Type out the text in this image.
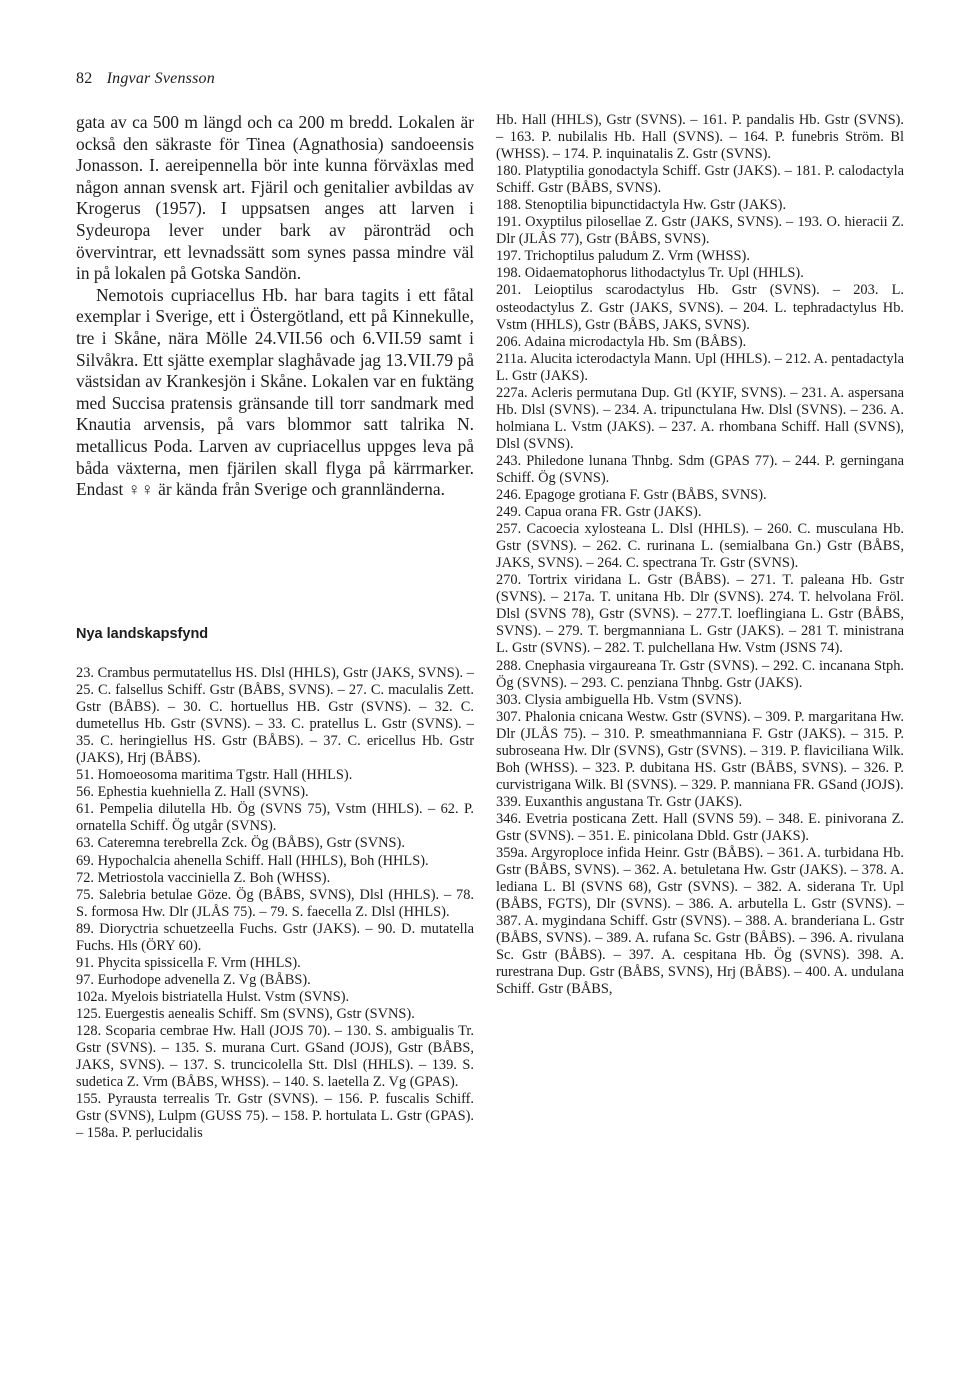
82 Ingvar Svensson

gata av ca 500 m längd och ca 200 m bredd. Lokalen är också den säkraste för Tinea (Agnathosia) sandoeensis Jonasson. I. aereipennella bör inte kunna förväxlas med någon annan svensk art. Fjäril och genitalier avbildas av Krogerus (1957). I uppsatsen anges att larven i Sydeuropa lever under bark av päronträd och övervintrar, ett levnadssätt som synes passa mindre väl in på lokalen på Gotska Sandön.

Nemotois cupriacellus Hb. har bara tagits i ett fåtal exemplar i Sverige, ett i Östergötland, ett på Kinnekulle, tre i Skåne, nära Mölle 24.VII.56 och 6.VII.59 samt i Silvåkra. Ett sjätte exemplar slaghåvade jag 13.VII.79 på västsidan av Krankesjön i Skåne. Lokalen var en fuktäng med Succisa pratensis gränsande till torr sandmark med Knautia arvensis, på vars blommor satt talrika N. metallicus Poda. Larven av cupriacellus uppges leva på båda växterna, men fjärilen skall flyga på kärrmarker. Endast ♀♀ är kända från Sverige och grannländerna.

Nya landskapsfynd

23. Crambus permutatellus HS. Dlsl (HHLS), Gstr (JAKS, SVNS). – 25. C. falsellus Schiff. Gstr (BÅBS, SVNS). – 27. C. maculalis Zett. Gstr (BÅBS). – 30. C. hortuellus HB. Gstr (SVNS). – 32. C. dumetellus Hb. Gstr (SVNS). – 33. C. pratellus L. Gstr (SVNS). – 35. C. heringiellus HS. Gstr (BÅBS). – 37. C. ericellus Hb. Gstr (JAKS), Hrj (BÅBS).

51. Homoeosoma maritima Tgstr. Hall (HHLS).

56. Ephestia kuehniella Z. Hall (SVNS).

61. Pempelia dilutella Hb. Ög (SVNS 75), Vstm (HHLS). – 62. P. ornatella Schiff. Ög utgår (SVNS).

63. Cateremna terebrella Zck. Ög (BÅBS), Gstr (SVNS).

69. Hypochalcia ahenella Schiff. Hall (HHLS), Boh (HHLS).

72. Metriostola vacciniella Z. Boh (WHSS).

75. Salebria betulae Göze. Ög (BÅBS, SVNS), Dlsl (HHLS). – 78. S. formosa Hw. Dlr (JLÅS 75). – 79. S. faecella Z. Dlsl (HHLS).

89. Dioryctria schuetzeella Fuchs. Gstr (JAKS). – 90. D. mutatella Fuchs. Hls (ÖRY 60).

91. Phycita spissicella F. Vrm (HHLS).

97. Eurhodope advenella Z. Vg (BÅBS).

102a. Myelois bistriatella Hulst. Vstm (SVNS).

125. Euergestis aenealis Schiff. Sm (SVNS), Gstr (SVNS).

128. Scoparia cembrae Hw. Hall (JOJS 70). – 130. S. ambigualis Tr. Gstr (SVNS). – 135. S. murana Curt. GSand (JOJS), Gstr (BÅBS, JAKS, SVNS). – 137. S. truncicolella Stt. Dlsl (HHLS). – 139. S. sudetica Z. Vrm (BÅBS, WHSS). – 140. S. laetella Z. Vg (GPAS).

155. Pyrausta terrealis Tr. Gstr (SVNS). – 156. P. fuscalis Schiff. Gstr (SVNS), Lulpm (GUSS 75). – 158. P. hortulata L. Gstr (GPAS). – 158a. P. perlucidalis

Hb. Hall (HHLS), Gstr (SVNS). – 161. P. pandalis Hb. Gstr (SVNS). – 163. P. nubilalis Hb. Hall (SVNS). – 164. P. funebris Ström. Bl (WHSS). – 174. P. inquinatalis Z. Gstr (SVNS).

180. Platyptilia gonodactyla Schiff. Gstr (JAKS). – 181. P. calodactyla Schiff. Gstr (BÅBS, SVNS).

188. Stenoptilia bipunctidactyla Hw. Gstr (JAKS).

191. Oxyptilus pilosellae Z. Gstr (JAKS, SVNS). – 193. O. hieracii Z. Dlr (JLÅS 77), Gstr (BÅBS, SVNS).

197. Trichoptilus paludum Z. Vrm (WHSS).

198. Oidaematophorus lithodactylus Tr. Upl (HHLS).

201. Leioptilus scarodactylus Hb. Gstr (SVNS). – 203. L. osteodactylus Z. Gstr (JAKS, SVNS). – 204. L. tephradactylus Hb. Vstm (HHLS), Gstr (BÅBS, JAKS, SVNS).

206. Adaina microdactyla Hb. Sm (BÅBS).

211a. Alucita icterodactyla Mann. Upl (HHLS). – 212. A. pentadactyla L. Gstr (JAKS).

227a. Acleris permutana Dup. Gtl (KYIF, SVNS). – 231. A. aspersana Hb. Dlsl (SVNS). – 234. A. tripunctulana Hw. Dlsl (SVNS). – 236. A. holmiana L. Vstm (JAKS). – 237. A. rhombana Schiff. Hall (SVNS), Dlsl (SVNS).

243. Philedone lunana Thnbg. Sdm (GPAS 77). – 244. P. gerningana Schiff. Ög (SVNS).

246. Epagoge grotiana F. Gstr (BÅBS, SVNS).

249. Capua orana FR. Gstr (JAKS).

257. Cacoecia xylosteana L. Dlsl (HHLS). – 260. C. musculana Hb. Gstr (SVNS). – 262. C. rurinana L. (semialbana Gn.) Gstr (BÅBS, JAKS, SVNS). – 264. C. spectrana Tr. Gstr (SVNS).

270. Tortrix viridana L. Gstr (BÅBS). – 271. T. paleana Hb. Gstr (SVNS). – 217a. T. unitana Hb. Dlr (SVNS). 274. T. helvolana Fröl. Dlsl (SVNS 78), Gstr (SVNS). – 277.T. loeflingiana L. Gstr (BÅBS, SVNS). – 279. T. bergmanniana L. Gstr (JAKS). – 281 T. ministrana L. Gstr (SVNS). – 282. T. pulchellana Hw. Vstm (JSNS 74).

288. Cnephasia virgaureana Tr. Gstr (SVNS). – 292. C. incanana Stph. Ög (SVNS). – 293. C. penziana Thnbg. Gstr (JAKS).

303. Clysia ambiguella Hb. Vstm (SVNS).

307. Phalonia cnicana Westw. Gstr (SVNS). – 309. P. margaritana Hw. Dlr (JLÅS 75). – 310. P. smeathmanniana F. Gstr (JAKS). – 315. P. subroseana Hw. Dlr (SVNS), Gstr (SVNS). – 319. P. flaviciliana Wilk. Boh (WHSS). – 323. P. dubitana HS. Gstr (BÅBS, SVNS). – 326. P. curvistrigana Wilk. Bl (SVNS). – 329. P. manniana FR. GSand (JOJS).

339. Euxanthis angustana Tr. Gstr (JAKS).

346. Evetria posticana Zett. Hall (SVNS 59). – 348. E. pinivorana Z. Gstr (SVNS). – 351. E. pinicolana Dbld. Gstr (JAKS).

359a. Argyroploce infida Heinr. Gstr (BÅBS). – 361. A. turbidana Hb. Gstr (BÅBS, SVNS). – 362. A. betuletana Hw. Gstr (JAKS). – 378. A. lediana L. Bl (SVNS 68), Gstr (SVNS). – 382. A. siderana Tr. Upl (BÅBS, FGTS), Dlr (SVNS). – 386. A. arbutella L. Gstr (SVNS). – 387. A. mygindana Schiff. Gstr (SVNS). – 388. A. branderiana L. Gstr (BÅBS, SVNS). – 389. A. rufana Sc. Gstr (BÅBS). – 396. A. rivulana Sc. Gstr (BÅBS). – 397. A. cespitana Hb. Ög (SVNS). 398. A. rurestrana Dup. Gstr (BÅBS, SVNS), Hrj (BÅBS). – 400. A. undulana Schiff. Gstr (BÅBS,
